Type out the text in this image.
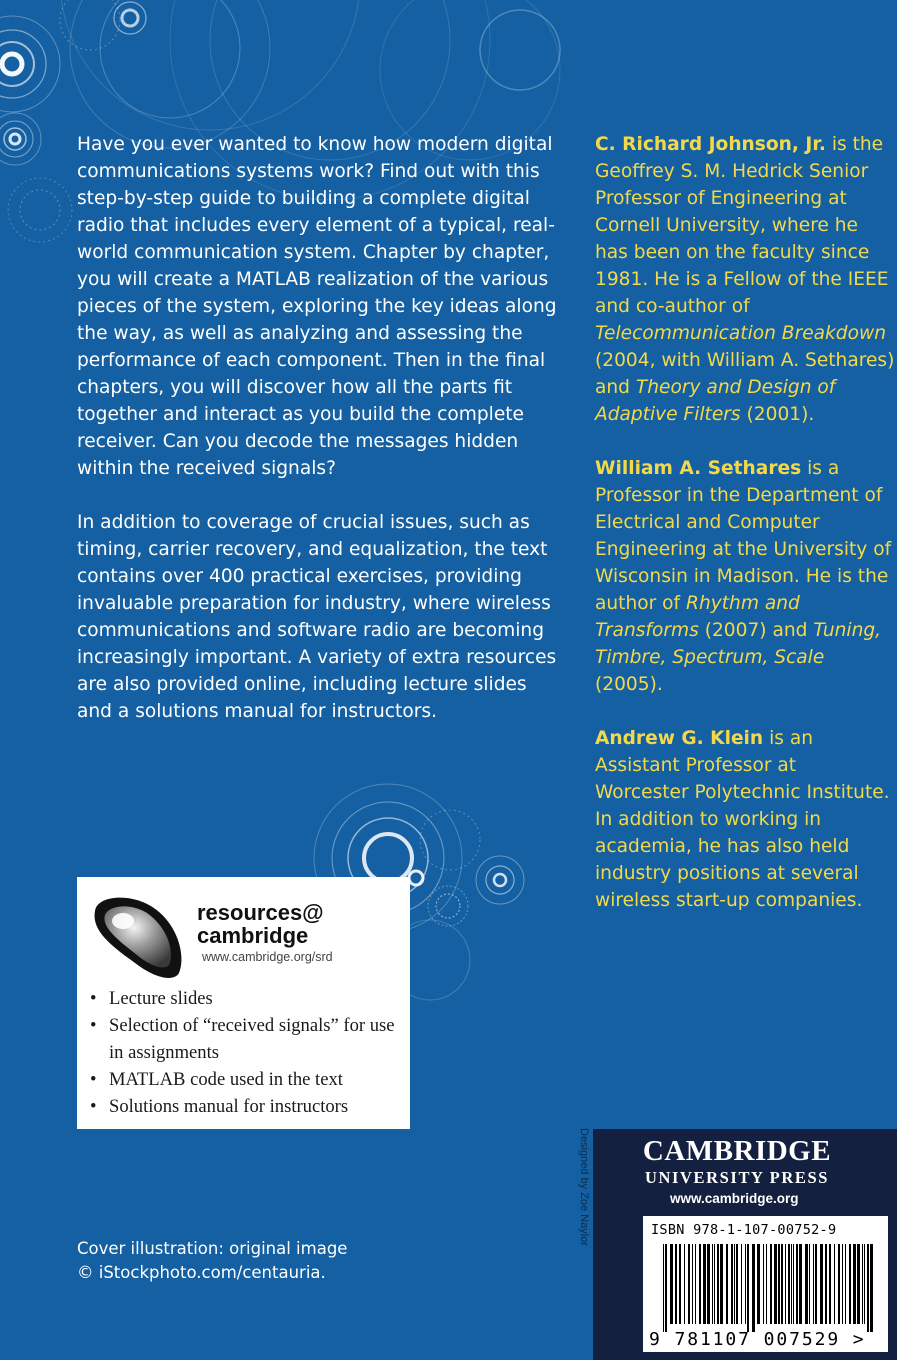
Have you ever wanted to know how modern digital communications systems work? Find out with this step-by-step guide to building a complete digital radio that includes every element of a typical, real-world communication system. Chapter by chapter, you will create a MATLAB realization of the various pieces of the system, exploring the key ideas along the way, as well as analyzing and assessing the performance of each component. Then in the final chapters, you will discover how all the parts fit together and interact as you build the complete receiver. Can you decode the messages hidden within the received signals?

In addition to coverage of crucial issues, such as timing, carrier recovery, and equalization, the text contains over 400 practical exercises, providing invaluable preparation for industry, where wireless communications and software radio are becoming increasingly important. A variety of extra resources are also provided online, including lecture slides and a solutions manual for instructors.

C. Richard Johnson, Jr. is the Geoffrey S. M. Hedrick Senior Professor of Engineering at Cornell University, where he has been on the faculty since 1981. He is a Fellow of the IEEE and co-author of Telecommunication Breakdown (2004, with William A. Sethares) and Theory and Design of Adaptive Filters (2001).

William A. Sethares is a Professor in the Department of Electrical and Computer Engineering at the University of Wisconsin in Madison. He is the author of Rhythm and Transforms (2007) and Tuning, Timbre, Spectrum, Scale (2005).

Andrew G. Klein is an Assistant Professor at Worcester Polytechnic Institute. In addition to working in academia, he has also held industry positions at several wireless start-up companies.

resources@
cambridge
www.cambridge.org/srd
• Lecture slides
• Selection of “received signals” for use in assignments
• MATLAB code used in the text
• Solutions manual for instructors
Cover illustration: original image
© iStockphoto.com/centauria.
Designed by Zoe Naylor	CAMBRIDGE
UNIVERSITY PRESS
www.cambridge.org
ISBN 978-1-107-00752-9
9 781107 007529 >
